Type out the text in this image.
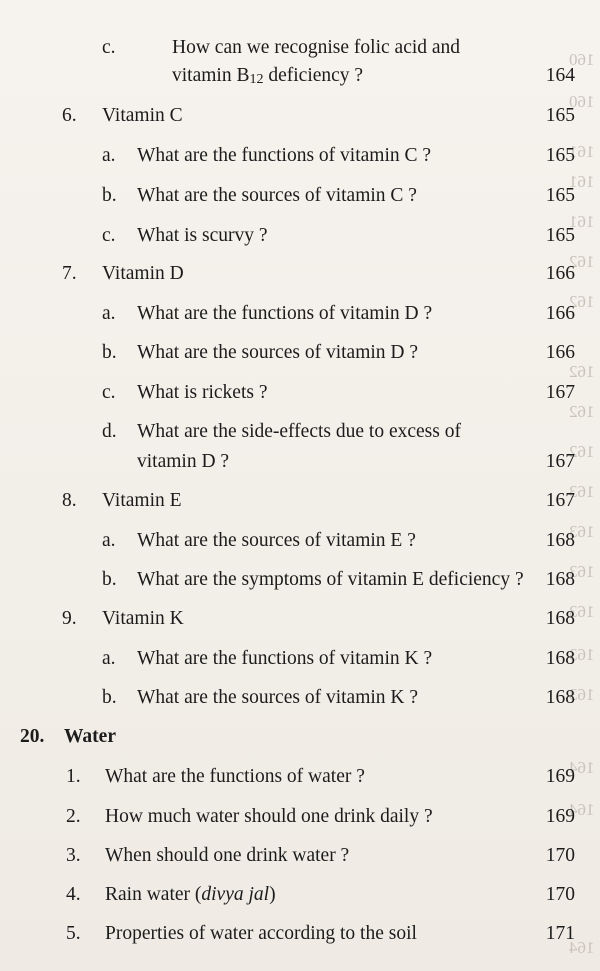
160
160
161
161
161
162
162
162
162
162
163
163
163
163
163
163
164
164
164
c.	How can we recognise folic acid and
vitamin B12 deficiency ?	164
6. Vitamin C	165
a. What are the functions of vitamin C ?	165
b. What are the sources of vitamin C ?	165
c. What is scurvy ?	165
7. Vitamin D	166
a. What are the functions of vitamin D ?	166
b. What are the sources of vitamin D ?	166
c. What is rickets ?	167
d. What are the side-effects due to excess of
vitamin D ?	167
8. Vitamin E	167
a. What are the sources of vitamin E ?	168
b. What are the symptoms of vitamin E deficiency ? 168
9. Vitamin K	168
a. What are the functions of vitamin K ?	168
b. What are the sources of vitamin K ?	168
20. Water
1. What are the functions of water ?	169
2. How much water should one drink daily ?	169
3. When should one drink water ?	170
4. Rain water (divya jal)	170
5. Properties of water according to the soil	171
